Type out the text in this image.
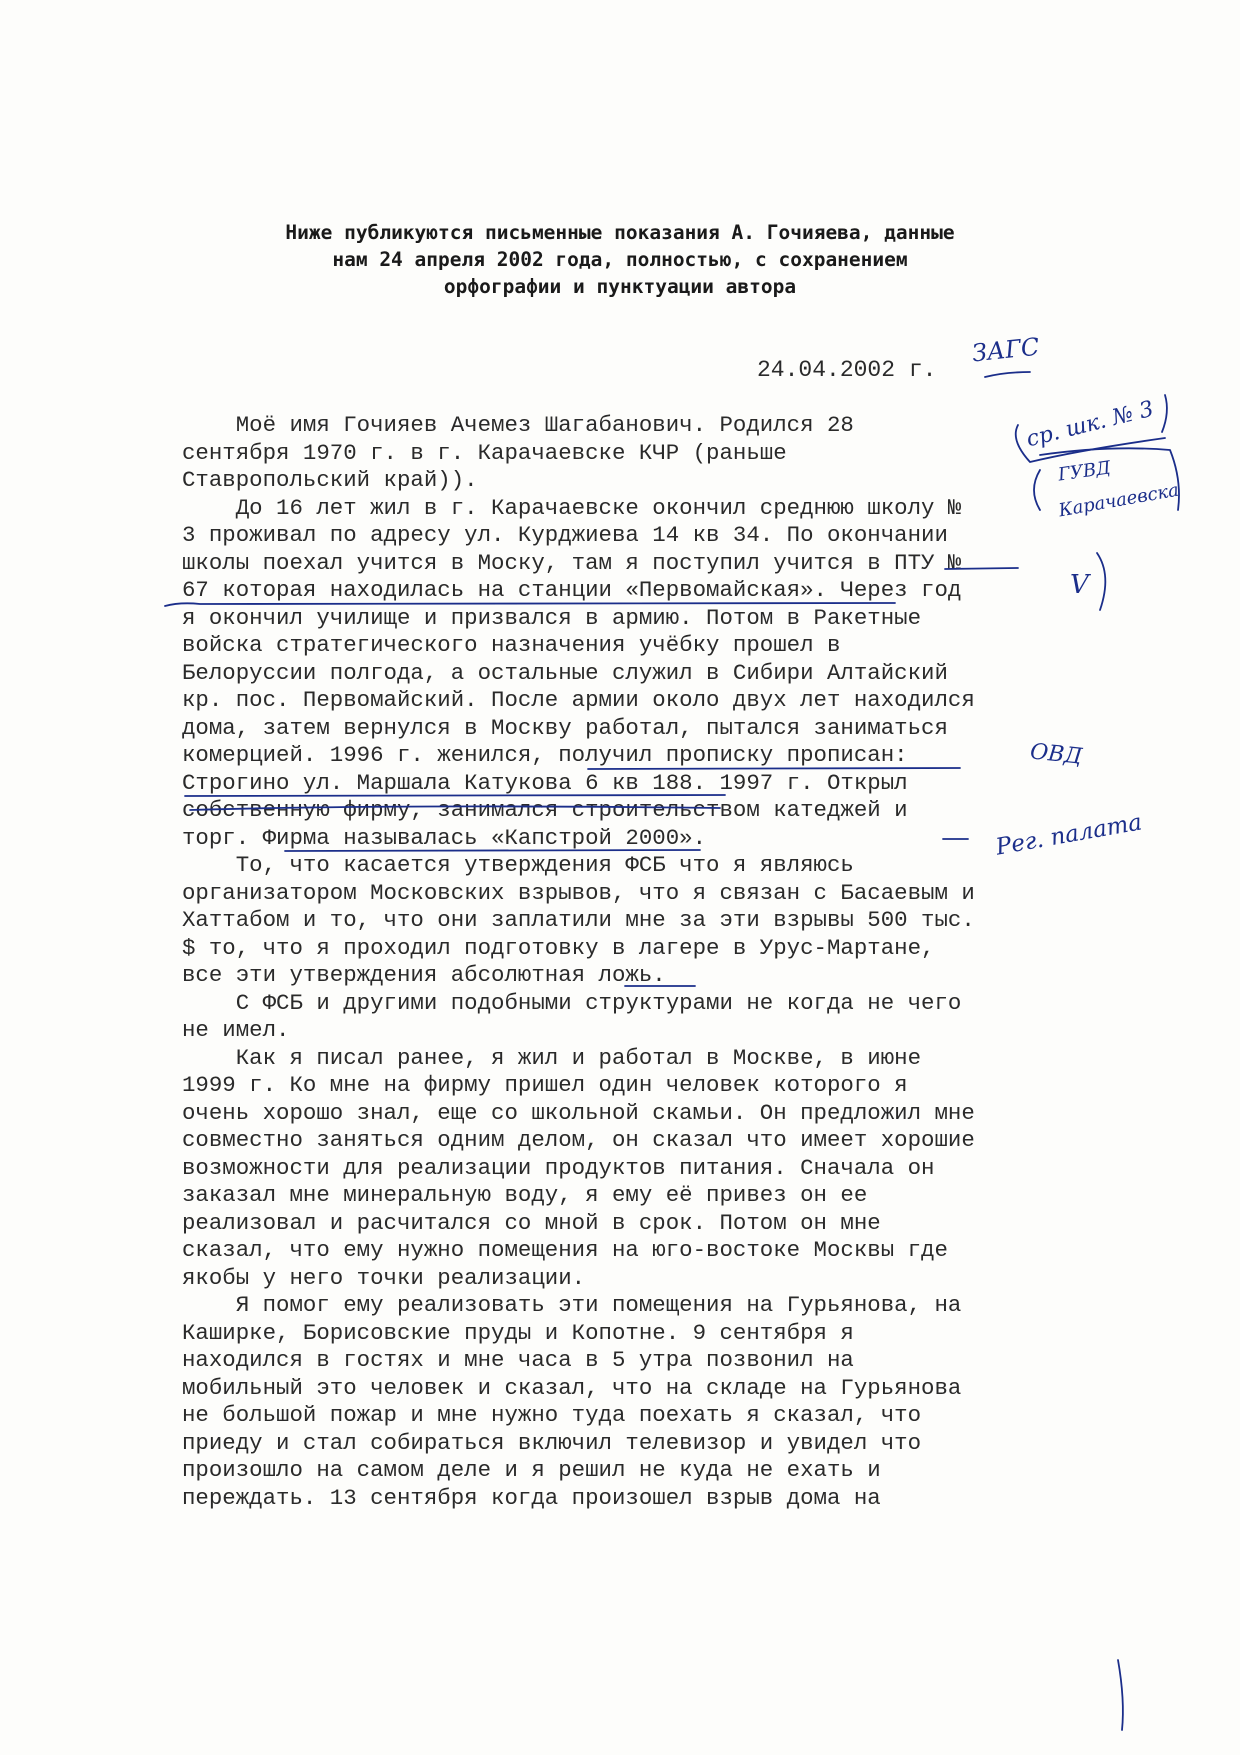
Ниже публикуются письменные показания А. Гочияева, данные
нам 24 апреля 2002 года, полностью, с сохранением
орфографии и пунктуации автора
24.04.2002 г.
Моё имя Гочияев Ачемез Шагабанович. Родился 28
сентября 1970 г. в г. Карачаевске КЧР (раньше
Ставропольский край)).
До 16 лет жил в г. Карачаевске окончил среднюю школу №
3 проживал по адресу ул. Курджиева 14 кв 34. По окончании
школы поехал учится в Моску, там я поступил учится в ПТУ №
67 которая находилась на станции «Первомайская». Через год
я окончил училище и призвался в армию. Потом в Ракетные
войска стратегического назначения учёбку прошел в
Белоруссии полгода, а остальные служил в Сибири Алтайский
кр. пос. Первомайский. После армии около двух лет находился
дома, затем вернулся в Москву работал, пытался заниматься
комерцией. 1996 г. женился, получил прописку прописан:
Строгино ул. Маршала Катукова 6 кв 188. 1997 г. Открыл
собственную фирму, занимался строительством катеджей и
торг. Фирма называлась «Капстрой 2000».
То, что касается утверждения ФСБ что я являюсь
организатором Московских взрывов, что я связан с Басаевым и
Хаттабом и то, что они заплатили мне за эти взрывы 500 тыс.
$ то, что я проходил подготовку в лагере в Урус-Мартане,
все эти утверждения абсолютная ложь.
С ФСБ и другими подобными структурами не когда не чего
не имел.
Как я писал ранее, я жил и работал в Москве, в июне
1999 г. Ко мне на фирму пришел один человек которого я
очень хорошо знал, еще со школьной скамьи. Он предложил мне
совместно заняться одним делом, он сказал что имеет хорошие
возможности для реализации продуктов питания. Сначала он
заказал мне минеральную воду, я ему её привез он ее
реализовал и расчитался со мной в срок. Потом он мне
сказал, что ему нужно помещения на юго-востоке Москвы где
якобы у него точки реализации.
Я помог ему реализовать эти помещения на Гурьянова, на
Каширке, Борисовские пруды и Копотне. 9 сентября я
находился в гостях и мне часа в 5 утра позвонил на
мобильный это человек и сказал, что на складе на Гурьянова
не большой пожар и мне нужно туда поехать я сказал, что
приеду и стал собираться включил телевизор и увидел что
произошло на самом деле и я решил не куда не ехать и
переждать. 13 сентября когда произошел взрыв дома на
ЗАГС
ср. шк. № 3
ГУВД
Карачаевска
V
ОВД
Рег. палата
